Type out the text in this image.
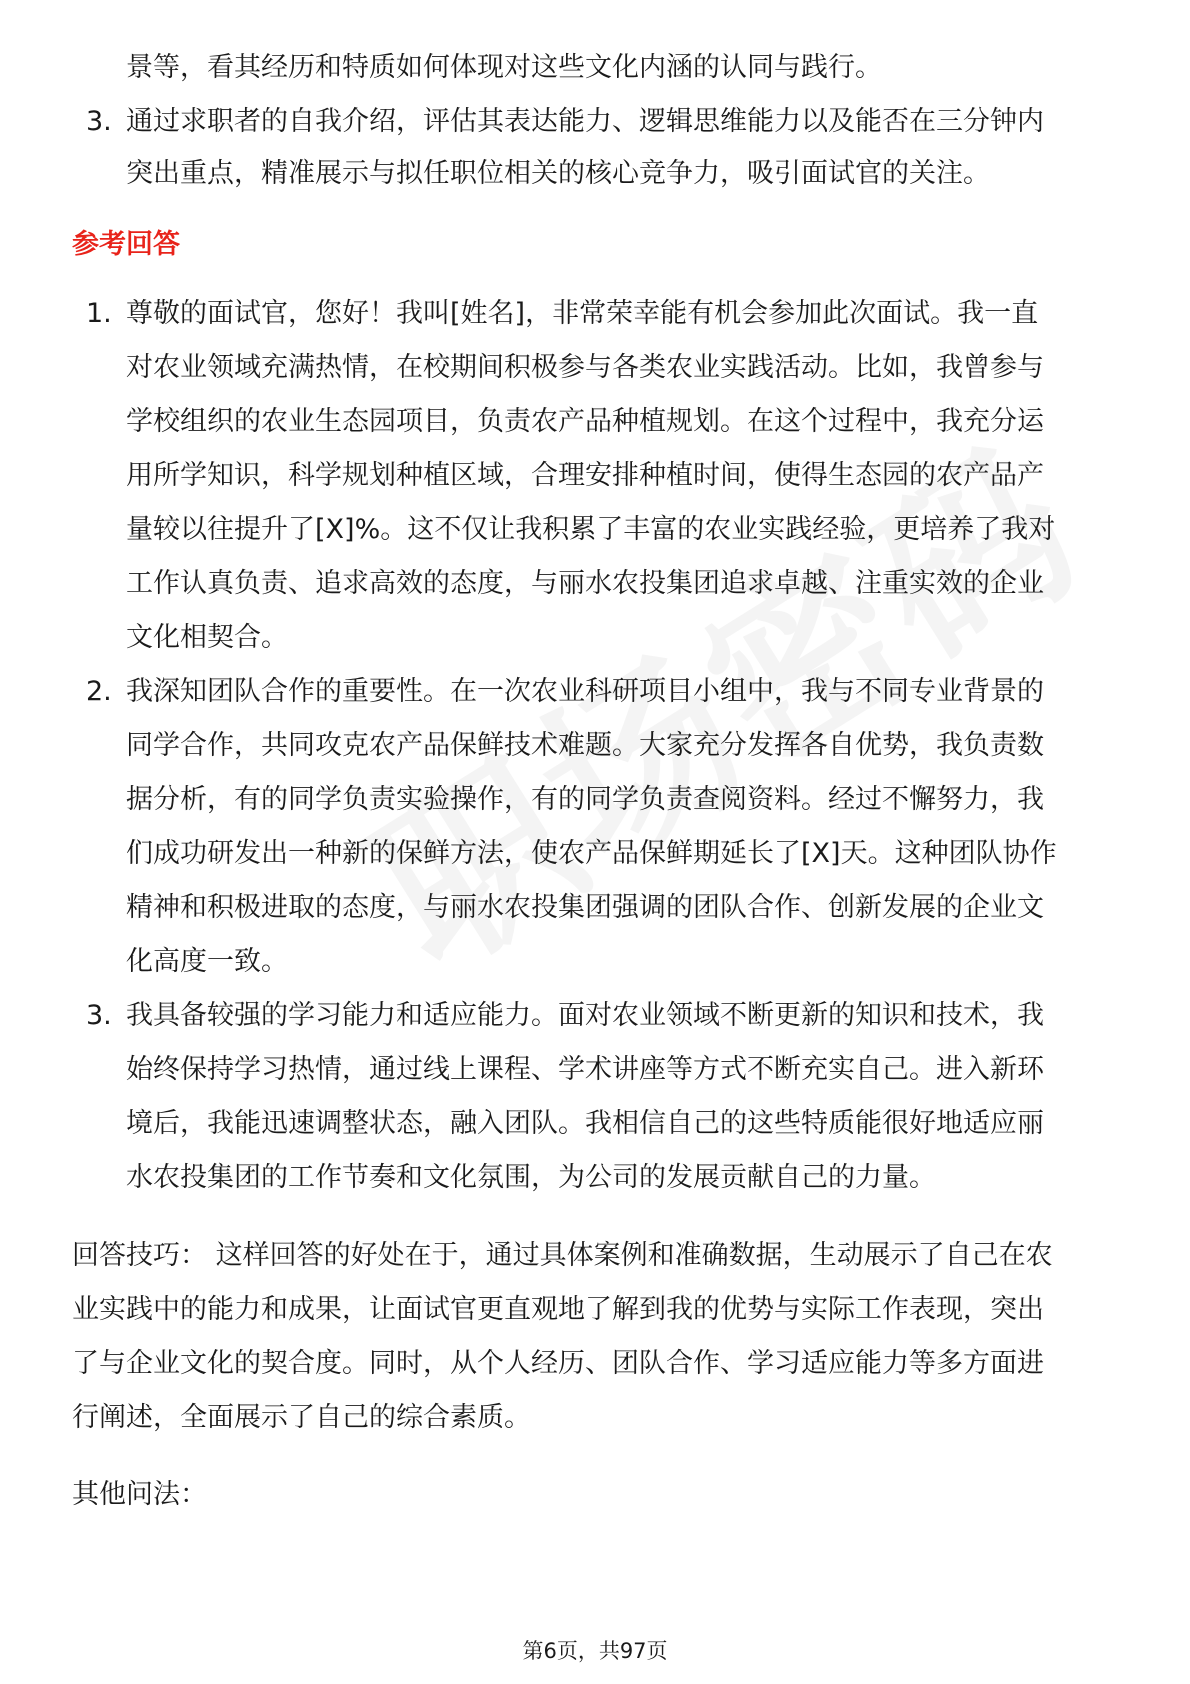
景等，看其经历和特质如何体现对这些文化内涵的认同与践行。
3. 通过求职者的自我介绍，评估其表达能力、逻辑思维能力以及能否在三分钟内
突出重点，精准展示与拟任职位相关的核心竞争力，吸引面试官的关注。
参考回答
1. 尊敬的面试官，您好！我叫[姓名]，非常荣幸能有机会参加此次面试。我一直
对农业领域充满热情，在校期间积极参与各类农业实践活动。比如，我曾参与
学校组织的农业生态园项目，负责农产品种植规划。在这个过程中，我充分运
用所学知识，科学规划种植区域，合理安排种植时间，使得生态园的农产品产
量较以往提升了[X]%。这不仅让我积累了丰富的农业实践经验，更培养了我对
工作认真负责、追求高效的态度，与丽水农投集团追求卓越、注重实效的企业
文化相契合。
2. 我深知团队合作的重要性。在一次农业科研项目小组中，我与不同专业背景的
同学合作，共同攻克农产品保鲜技术难题。大家充分发挥各自优势，我负责数
据分析，有的同学负责实验操作，有的同学负责查阅资料。经过不懈努力，我
们成功研发出一种新的保鲜方法，使农产品保鲜期延长了[X]天。这种团队协作
精神和积极进取的态度，与丽水农投集团强调的团队合作、创新发展的企业文
化高度一致。
3. 我具备较强的学习能力和适应能力。面对农业领域不断更新的知识和技术，我
始终保持学习热情，通过线上课程、学术讲座等方式不断充实自己。进入新环
境后，我能迅速调整状态，融入团队。我相信自己的这些特质能很好地适应丽
水农投集团的工作节奏和文化氛围，为公司的发展贡献自己的力量。
回答技巧： 这样回答的好处在于，通过具体案例和准确数据，生动展示了自己在农
业实践中的能力和成果，让面试官更直观地了解到我的优势与实际工作表现，突出
了与企业文化的契合度。同时，从个人经历、团队合作、学习适应能力等多方面进
行阐述，全面展示了自己的综合素质。
其他问法：
第6页，共97页
